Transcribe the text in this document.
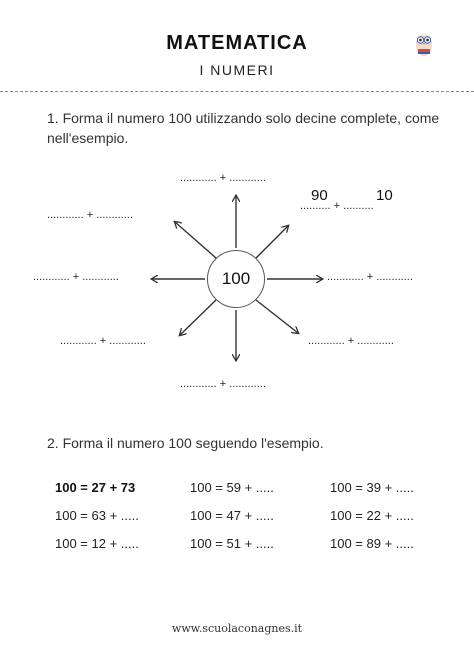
MATEMATICA
I NUMERI
1. Forma il numero 100 utilizzando solo decine complete, come nell'esempio.
100
............ + ............
.......... + ..........
90	10
............ + ............
............ + ............
............ + ............
............ + ............
............ + ............
............ + ............
2. Forma il numero 100 seguendo l'esempio.
100 = 27 + 73	100 = 59 + .....	100 = 39 + .....
100 = 63 + .....	100 = 47 + .....	100 = 22 + .....
100 = 12 + .....	100 = 51 + .....	100 = 89 + .....
www.scuolaconagnes.it
